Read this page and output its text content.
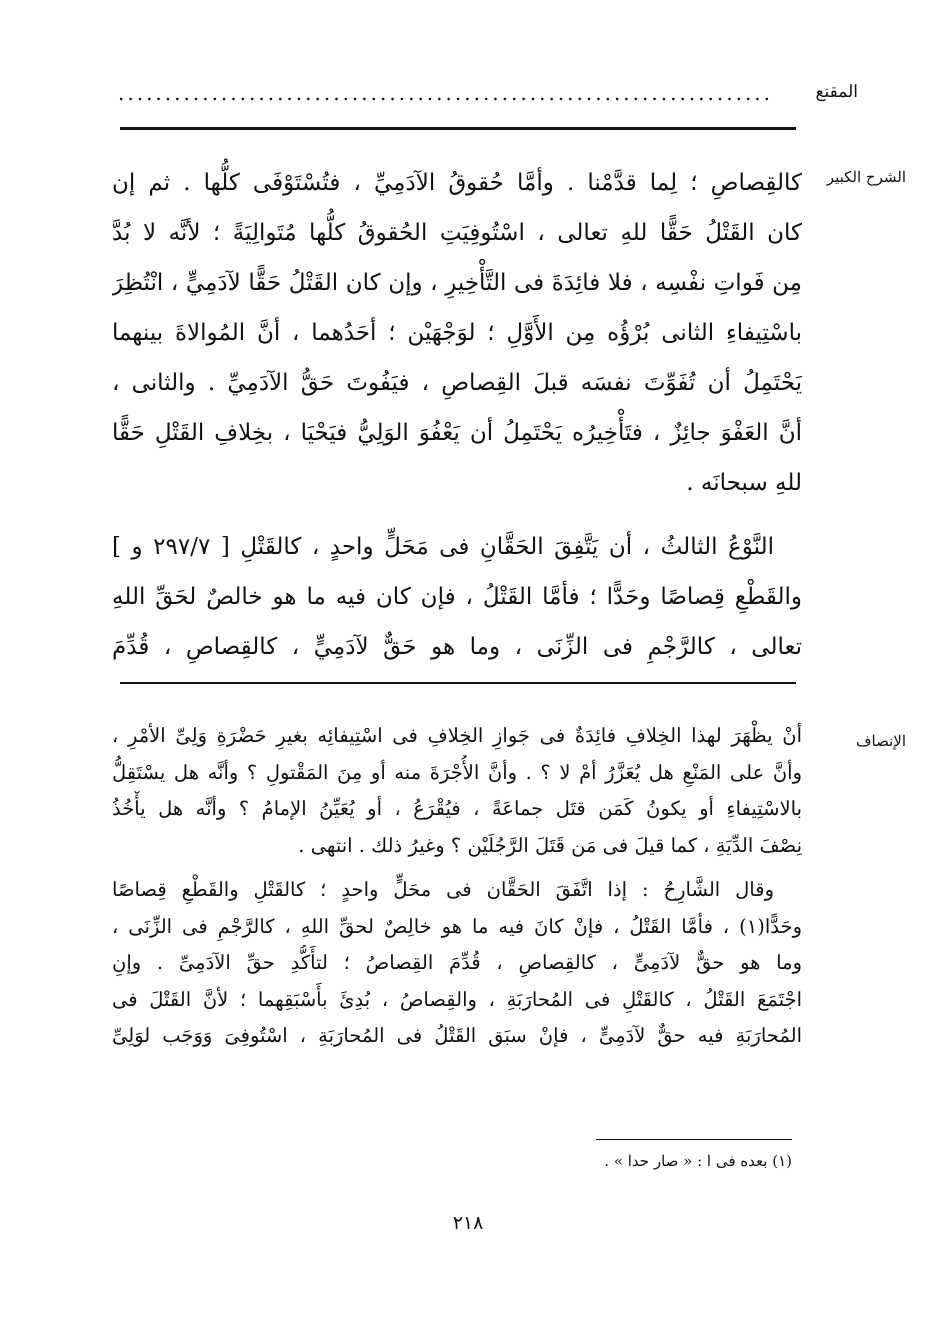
المقنع
......................................................................
الشرح الكبير

كالقِصاصِ ؛ لِما قدَّمْنا . وأمَّا حُقوقُ الآدَمِيِّ ، فتُسْتَوْفَى كلُّها . ثم إن
كان القَتْلُ حَقًّا للهِ تعالى ، اسْتُوفِيَتِ الحُقوقُ كلُّها مُتَوالِيَةً ؛ لأنَّه لا بُدَّ
مِن فَواتِ نفْسِه ، فلا فائِدَةَ فى التَّأْخِيرِ ، وإن كان القَتْلُ حَقًّا لآدَمِيٍّ ، انْتُظِرَ
باسْتِيفاءِ الثانى بُرْؤُه مِن الأَوَّلِ ؛ لوَجْهَيْن ؛ أحَدُهما ، أنَّ المُوالاةَ بينهما
يَحْتَمِلُ أن تُفَوِّتَ نفسَه قبلَ القِصاصِ ، فيَفُوتَ حَقُّ الآدَمِيِّ . والثانى ،
أنَّ العَفْوَ جائِزٌ ، فتَأْخِيرُه يَحْتَمِلُ أن يَعْفُوَ الوَلِيُّ فيَحْيَا ، بخِلافِ القَتْلِ حَقًّا
للهِ سبحانَه .

النَّوْعُ الثالثُ ، أن يَتَّفِقَ الحَقَّانِ فى مَحَلٍّ واحدٍ ، كالقَتْلِ [ ٢٩٧/٧ و ]
والقَطْعِ قِصاصًا وحَدًّا ؛ فأمَّا القَتْلُ ، فإن كان فيه ما هو خالصٌ لحَقِّ اللهِ
تعالى ، كالرَّجْمِ فى الزِّنَى ، وما هو حَقٌّ لآدَمِيٍّ ، كالقِصاصِ ، قُدِّمَ

الإنصاف

أنْ يظْهَرَ لهذا الخِلافِ فائِدَةٌ فى جَوازِ الخِلافِ فى اسْتِيفائِه بغيرِ حَضْرَةِ وَلِىِّ الأمْرِ ،
وأنَّ على المَنْعِ هل يُعَزَّرُ أمْ لا ؟ . وأنَّ الأُجْرَةَ منه أو مِنَ المَقْتولِ ؟ وأنَّه هل يسْتَقِلُّ
بالاسْتِيفاءِ أو يكونُ كَمَن قتَل جماعَةً ، فيُقْرَعُ ، أو يُعَيِّنُ الإمامُ ؟ وأنَّه هل يأْخُذُ
نِصْفَ الدِّيَةِ ، كما قيلَ فى مَن قَتَلَ الرَّجُلَيْن ؟ وغيرُ ذلك . انتهى .

وقال الشَّارِحُ : إذا اتَّفَقَ الحَقَّان فى محَلٍّ واحدٍ ؛ كالقَتْلِ والقَطْعِ قِصاصًا
وحَدًّا(١) ، فأمَّا القَتْلُ ، فإنْ كانَ فيه ما هو خالِصٌ لحقِّ اللهِ ، كالرَّجْمِ فى الزِّنَى ،
وما هو حقٌّ لآدَمِىٍّ ، كالقِصاصِ ، قُدِّمَ القِصاصُ ؛ لتأَكُّدِ حقِّ الآدَمِىِّ . وإنِ
اجْتَمَعَ القَتْلُ ، كالقَتْلِ فى المُحارَبَةِ ، والقِصاصُ ، بُدِئَ بأَسْبَقِهما ؛ لأنَّ القَتْلَ فى
المُحارَبَةِ فيه حقٌّ لآدَمِىٍّ ، فإنْ سبَق القَتْلُ فى المُحارَبَةِ ، اسْتُوفِىَ وَوَجَب لوَلِىِّ

(١) بعده فى ا : « صار حدا » .
٢١٨
